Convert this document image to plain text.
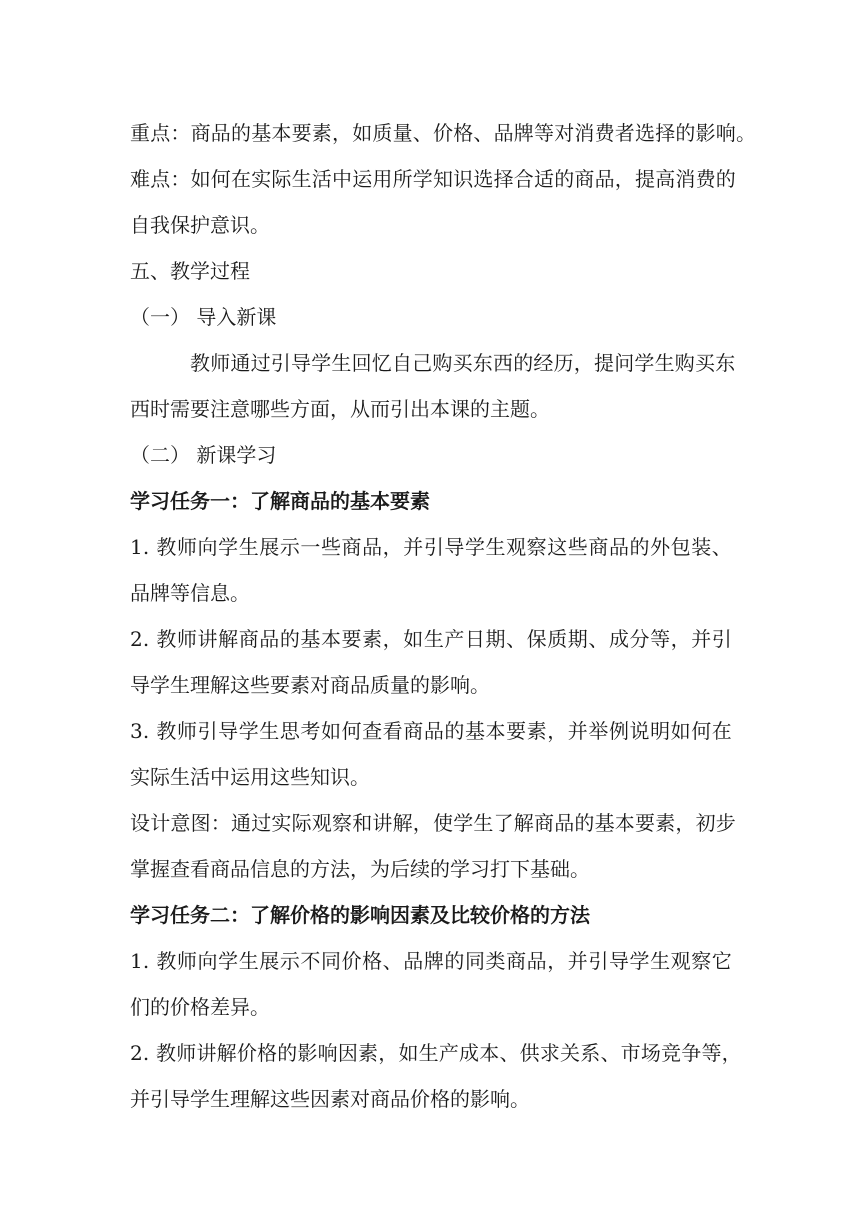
重点：商品的基本要素，如质量、价格、品牌等对消费者选择的影响。
难点：如何在实际生活中运用所学知识选择合适的商品，提高消费的
自我保护意识。
五、教学过程
（一） 导入新课
教师通过引导学生回忆自己购买东西的经历，提问学生购买东
西时需要注意哪些方面，从而引出本课的主题。
（二） 新课学习
学习任务一：了解商品的基本要素
1. 教师向学生展示一些商品，并引导学生观察这些商品的外包装、
品牌等信息。
2. 教师讲解商品的基本要素，如生产日期、保质期、成分等，并引
导学生理解这些要素对商品质量的影响。
3. 教师引导学生思考如何查看商品的基本要素，并举例说明如何在
实际生活中运用这些知识。
设计意图：通过实际观察和讲解，使学生了解商品的基本要素，初步
掌握查看商品信息的方法，为后续的学习打下基础。
学习任务二：了解价格的影响因素及比较价格的方法
1. 教师向学生展示不同价格、品牌的同类商品，并引导学生观察它
们的价格差异。
2. 教师讲解价格的影响因素，如生产成本、供求关系、市场竞争等，
并引导学生理解这些因素对商品价格的影响。
